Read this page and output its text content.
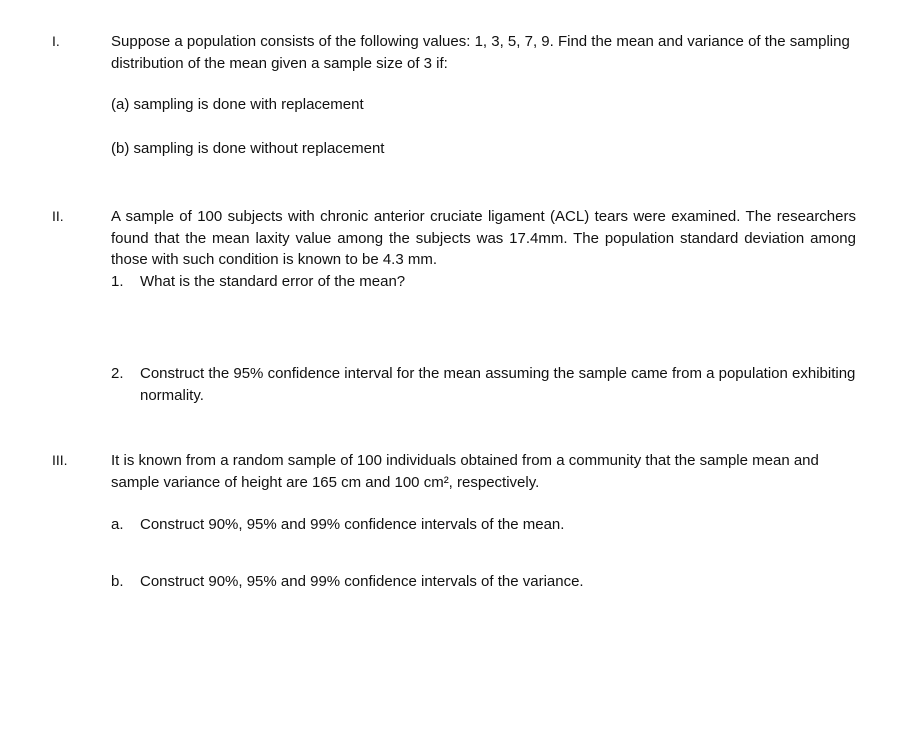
I.	Suppose a population consists of the following values: 1, 3, 5, 7, 9. Find the mean and variance of the sampling distribution of the mean given a sample size of 3 if:
(a) sampling is done with replacement
(b) sampling is done without replacement
II.	A sample of 100 subjects with chronic anterior cruciate ligament (ACL) tears were examined. The researchers found that the mean laxity value among the subjects was 17.4mm. The population standard deviation among those with such condition is known to be 4.3 mm.
1. What is the standard error of the mean?
2. Construct the 95% confidence interval for the mean assuming the sample came from a population exhibiting normality.
III.	It is known from a random sample of 100 individuals obtained from a community that the sample mean and sample variance of height are 165 cm and 100 cm², respectively.
a. Construct 90%, 95% and 99% confidence intervals of the mean.
b. Construct 90%, 95% and 99% confidence intervals of the variance.
